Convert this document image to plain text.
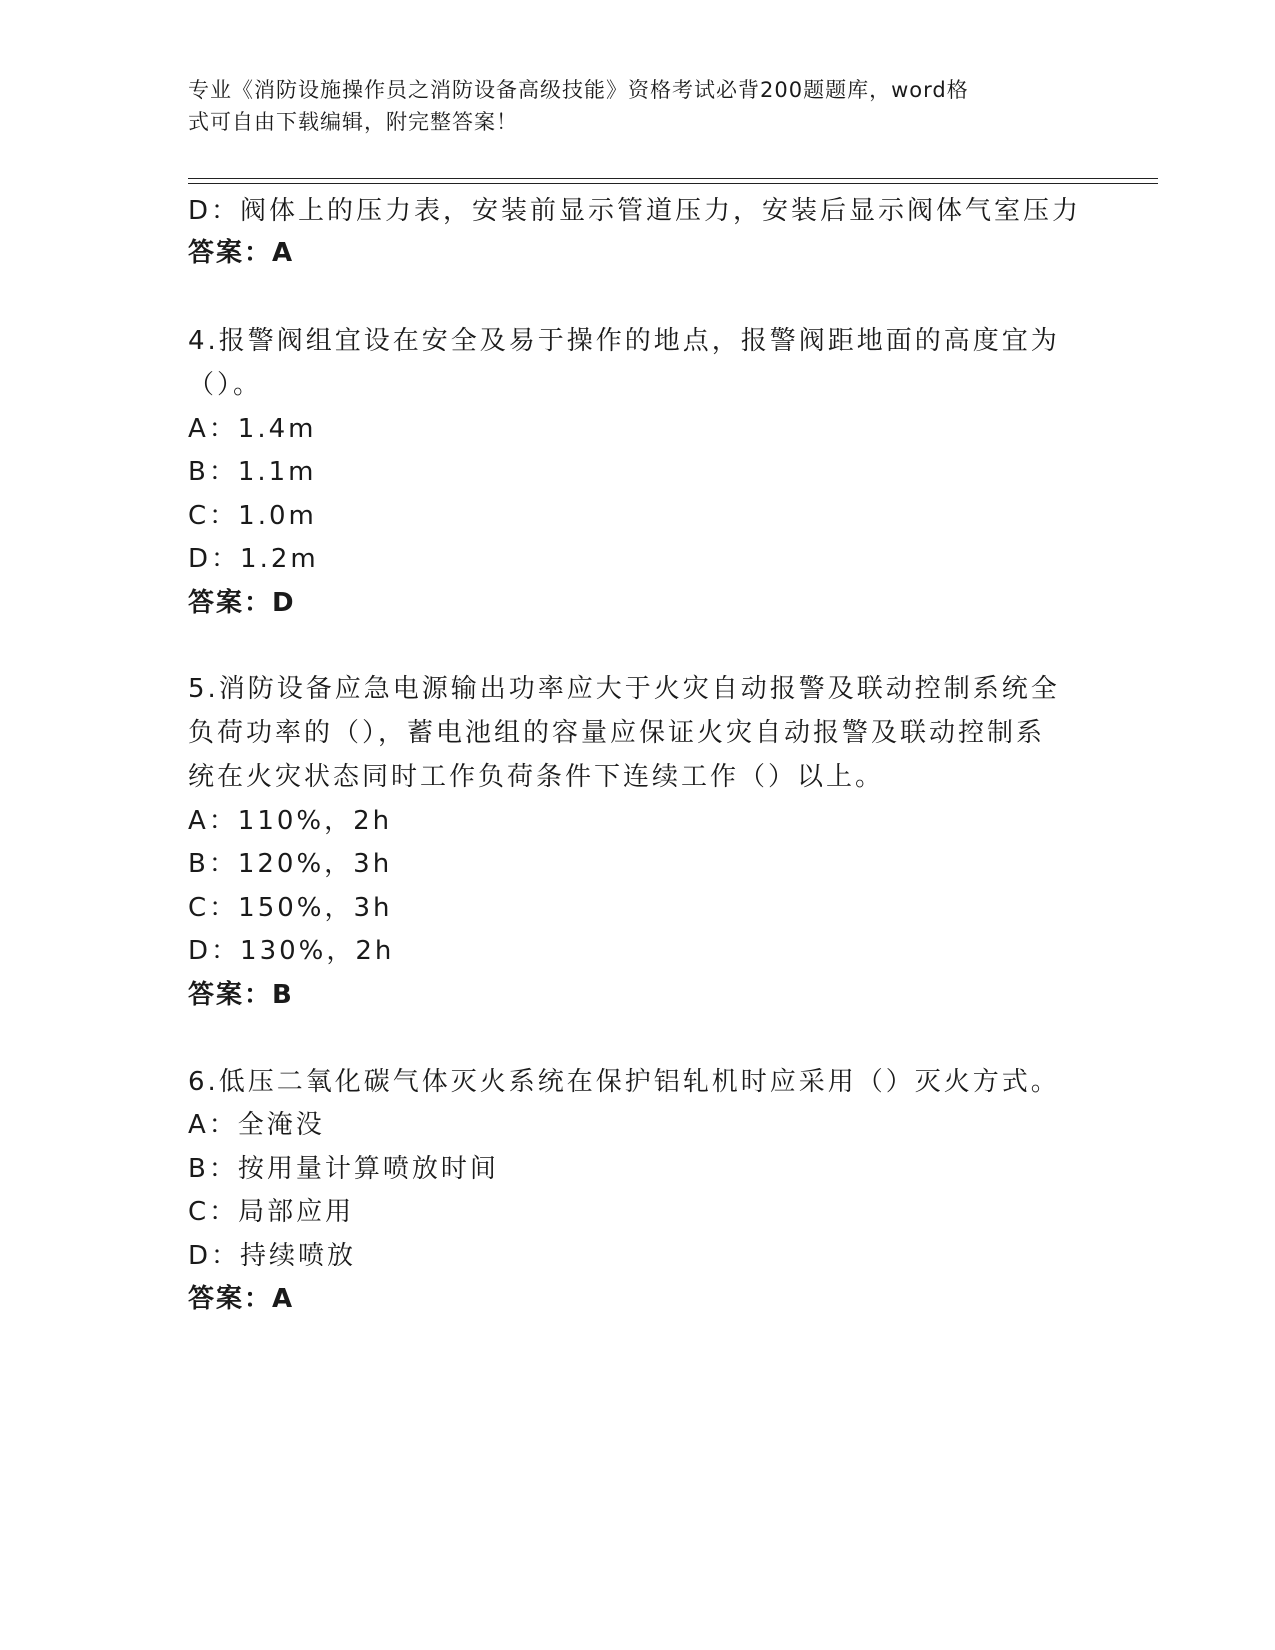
专业《消防设施操作员之消防设备高级技能》资格考试必背200题题库，word格
式可自由下载编辑，附完整答案！
D：阀体上的压力表，安装前显示管道压力，安装后显示阀体气室压力
答案：A
4.报警阀组宜设在安全及易于操作的地点，报警阀距地面的高度宜为
（）。
A：1.4m
B：1.1m
C：1.0m
D：1.2m
答案：D
5.消防设备应急电源输出功率应大于火灾自动报警及联动控制系统全
负荷功率的（），蓄电池组的容量应保证火灾自动报警及联动控制系
统在火灾状态同时工作负荷条件下连续工作（）以上。
A：110%，2h
B：120%，3h
C：150%，3h
D：130%，2h
答案：B
6.低压二氧化碳气体灭火系统在保护铝轧机时应采用（）灭火方式。
A：全淹没
B：按用量计算喷放时间
C：局部应用
D：持续喷放
答案：A
